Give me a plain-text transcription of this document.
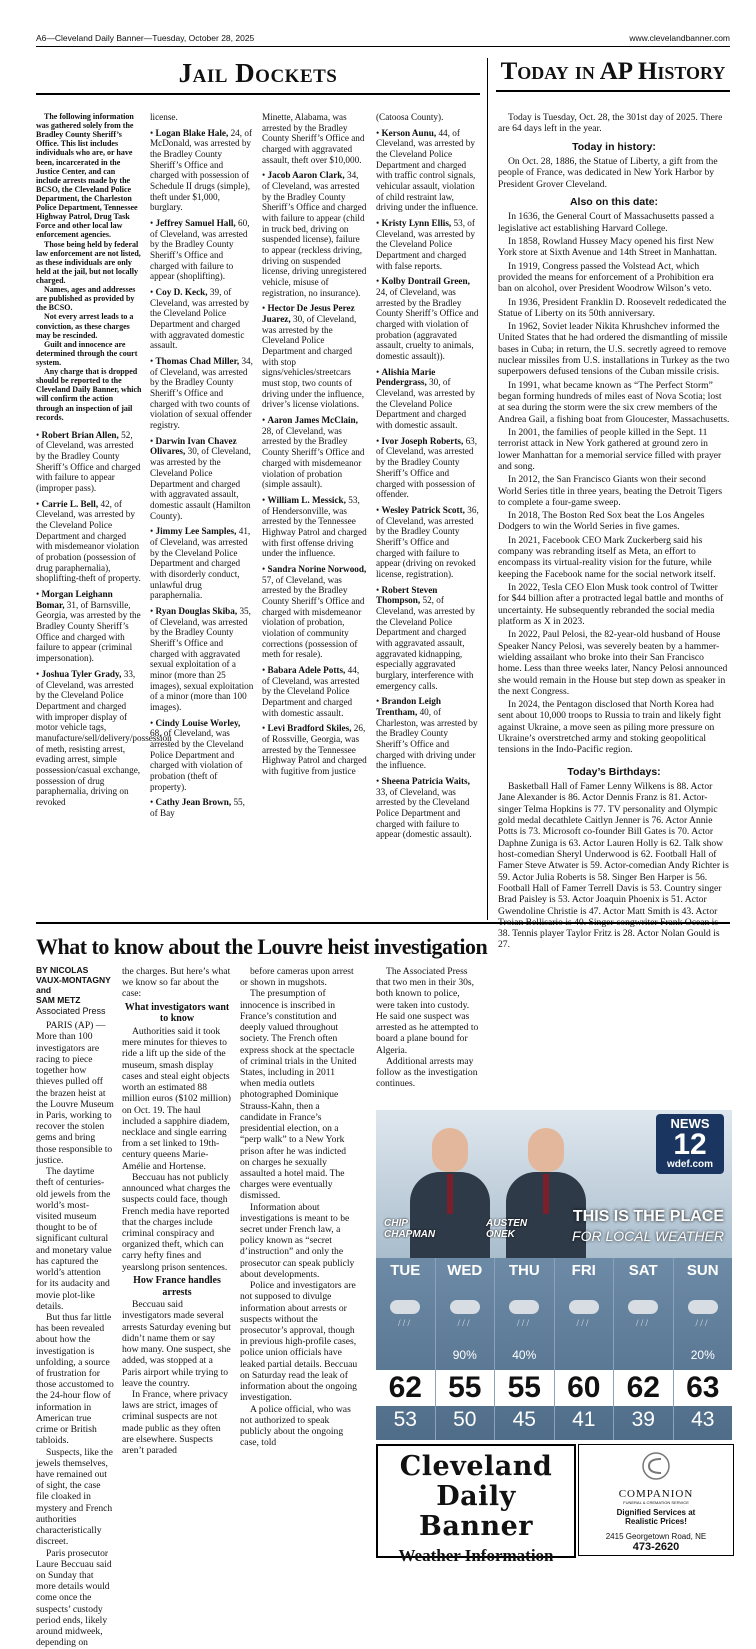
A6—Cleveland Daily Banner—Tuesday, October 28, 2025	www.clevelandbanner.com
Jail Dockets

The following information was gathered solely from the Bradley County Sheriff’s Office. This list includes individuals who are, or have been, incarcerated in the Justice Center, and can include arrests made by the BCSO, the Cleveland Police Department, the Charleston Police Department, Tennessee Highway Patrol, Drug Task Force and other local law enforcement agencies.

Those being held by federal law enforcement are not listed, as these individuals are only held at the jail, but not locally charged.

Names, ages and addresses are published as provided by the BCSO.

Not every arrest leads to a conviction, as these charges may be rescinded.

Guilt and innocence are determined through the court system.

Any charge that is dropped should be reported to the Cleveland Daily Banner, which will confirm the action through an inspection of jail records.

• Robert Brian Allen, 52, of Cleveland, was arrested by the Bradley County Sheriff’s Office and charged with failure to appear (improper pass).
• Carrie L. Bell, 42, of Cleveland, was arrested by the Cleveland Police Department and charged with misdemeanor violation of probation (possession of drug paraphernalia), shoplifting-theft of property.
• Morgan Leighann Bomar, 31, of Barnsville, Georgia, was arrested by the Bradley County Sheriff’s Office and charged with failure to appear (criminal impersonation).
• Joshua Tyler Grady, 33, of Cleveland, was arrested by the Cleveland Police Department and charged with improper display of motor vehicle tags, manufacture/sell/delivery/possession of meth, resisting arrest, evading arrest, simple possession/casual exchange, possession of drug paraphernalia, driving on revoked
license.
• Logan Blake Hale, 24, of McDonald, was arrested by the Bradley County Sheriff’s Office and charged with possession of Schedule II drugs (simple), theft under $1,000, burglary.
• Jeffrey Samuel Hall, 60, of Cleveland, was arrested by the Bradley County Sheriff’s Office and charged with failure to appear (shoplifting).
• Coy D. Keck, 39, of Cleveland, was arrested by the Cleveland Police Department and charged with aggravated domestic assault.
• Thomas Chad Miller, 34, of Cleveland, was arrested by the Bradley County Sheriff’s Office and charged with two counts of violation of sexual offender registry.
• Darwin Ivan Chavez Olivares, 30, of Cleveland, was arrested by the Cleveland Police Department and charged with aggravated assault, domestic assault (Hamilton County).
• Jimmy Lee Samples, 41, of Cleveland, was arrested by the Cleveland Police Department and charged with disorderly conduct, unlawful drug paraphernalia.
• Ryan Douglas Skiba, 35, of Cleveland, was arrested by the Bradley County Sheriff’s Office and charged with aggravated sexual exploitation of a minor (more than 25 images), sexual exploitation of a minor (more than 100 images).
• Cindy Louise Worley, 68, of Cleveland, was arrested by the Cleveland Police Department and charged with violation of probation (theft of property).
• Cathy Jean Brown, 55, of Bay
Minette, Alabama, was arrested by the Bradley County Sheriff’s Office and charged with aggravated assault, theft over $10,000.
• Jacob Aaron Clark, 34, of Cleveland, was arrested by the Bradley County Sheriff’s Office and charged with failure to appear (child in truck bed, driving on suspended license), failure to appear (reckless driving, driving on suspended license, driving unregistered vehicle, misuse of registration, no insurance).
• Hector De Jesus Perez Juarez, 30, of Cleveland, was arrested by the Cleveland Police Department and charged with stop signs/vehicles/streetcars must stop, two counts of driving under the influence, driver’s license violations.
• Aaron James McClain, 28, of Cleveland, was arrested by the Bradley County Sheriff’s Office and charged with misdemeanor violation of probation (simple assault).
• William L. Messick, 53, of Hendersonville, was arrested by the Tennessee Highway Patrol and charged with first offense driving under the influence.
• Sandra Norine Norwood, 57, of Cleveland, was arrested by the Bradley County Sheriff’s Office and charged with misdemeanor violation of probation, violation of community corrections (possession of meth for resale).
• Babara Adele Potts, 44, of Cleveland, was arrested by the Cleveland Police Department and charged with domestic assault.
• Levi Bradford Skiles, 26, of Rossville, Georgia, was arrested by the Tennessee Highway Patrol and charged with fugitive from justice
(Catoosa County).
• Kerson Aunu, 44, of Cleveland, was arrested by the Cleveland Police Department and charged with traffic control signals, vehicular assault, violation of child restraint law, driving under the influence.
• Kristy Lynn Ellis, 53, of Cleveland, was arrested by the Cleveland Police Department and charged with false reports.
• Kolby Dontrail Green, 24, of Cleveland, was arrested by the Bradley County Sheriff’s Office and charged with violation of probation (aggravated assault, cruelty to animals, domestic assault)).
• Alishia Marie Pendergrass, 30, of Cleveland, was arrested by the Cleveland Police Department and charged with domestic assault.
• Ivor Joseph Roberts, 63, of Cleveland, was arrested by the Bradley County Sheriff’s Office and charged with possession of offender.
• Wesley Patrick Scott, 36, of Cleveland, was arrested by the Bradley County Sheriff’s Office and charged with failure to appear (driving on revoked license, registration).
• Robert Steven Thompson, 52, of Cleveland, was arrested by the Cleveland Police Department and charged with aggravated assault, aggravated kidnapping, especially aggravated burglary, interference with emergency calls.
• Brandon Leigh Trentham, 40, of Charleston, was arrested by the Bradley County Sheriff’s Office and charged with driving under the influence.
• Sheena Patricia Waits, 33, of Cleveland, was arrested by the Cleveland Police Department and charged with failure to appear (domestic assault).
Today in AP History

Today is Tuesday, Oct. 28, the 301st day of 2025. There are 64 days left in the year.

Today in history:

On Oct. 28, 1886, the Statue of Liberty, a gift from the people of France, was dedicated in New York Harbor by President Grover Cleveland.

Also on this date:

In 1636, the General Court of Massachusetts passed a legislative act establishing Harvard College.

In 1858, Rowland Hussey Macy opened his first New York store at Sixth Avenue and 14th Street in Manhattan.

In 1919, Congress passed the Volstead Act, which provided the means for enforcement of a Prohibition era ban on alcohol, over President Woodrow Wilson’s veto.

In 1936, President Franklin D. Roosevelt rededicated the Statue of Liberty on its 50th anniversary.

In 1962, Soviet leader Nikita Khrushchev informed the United States that he had ordered the dismantling of missile bases in Cuba; in return, the U.S. secretly agreed to remove nuclear missiles from U.S. installations in Turkey as the two superpowers defused tensions of the Cuban missile crisis.

In 1991, what became known as “The Perfect Storm” began forming hundreds of miles east of Nova Scotia; lost at sea during the storm were the six crew members of the Andrea Gail, a fishing boat from Gloucester, Massachusetts.

In 2001, the families of people killed in the Sept. 11 terrorist attack in New York gathered at ground zero in lower Manhattan for a memorial service filled with prayer and song.

In 2012, the San Francisco Giants won their second World Series title in three years, beating the Detroit Tigers to complete a four-game sweep.

In 2018, The Boston Red Sox beat the Los Angeles Dodgers to win the World Series in five games.

In 2021, Facebook CEO Mark Zuckerberg said his company was rebranding itself as Meta, an effort to encompass its virtual-reality vision for the future, while keeping the Facebook name for the social network itself.

In 2022, Tesla CEO Elon Musk took control of Twitter for $44 billion after a protracted legal battle and months of uncertainty. He subsequently rebranded the social media platform as X in 2023.

In 2022, Paul Pelosi, the 82-year-old husband of House Speaker Nancy Pelosi, was severely beaten by a hammer-wielding assailant who broke into their San Francisco home. Less than three weeks later, Nancy Pelosi announced she would remain in the House but step down as speaker in the next Congress.

In 2024, the Pentagon disclosed that North Korea had sent about 10,000 troops to Russia to train and likely fight against Ukraine, a move seen as piling more pressure on Ukraine’s overstretched army and stoking geopolitical tensions in the Indo-Pacific region.

Today’s Birthdays:

Basketball Hall of Famer Lenny Wilkens is 88. Actor Jane Alexander is 86. Actor Dennis Franz is 81. Actor-singer Telma Hopkins is 77. TV personality and Olympic gold medal decathlete Caitlyn Jenner is 76. Actor Annie Potts is 73. Microsoft co-founder Bill Gates is 70. Actor Daphne Zuniga is 63. Actor Lauren Holly is 62. Talk show host-comedian Sheryl Underwood is 62. Football Hall of Famer Steve Atwater is 59. Actor-comedian Andy Richter is 59. Actor Julia Roberts is 58. Singer Ben Harper is 56. Football Hall of Famer Terrell Davis is 53. Country singer Brad Paisley is 53. Actor Joaquin Phoenix is 51. Actor Gwendoline Christie is 47. Actor Matt Smith is 43. Actor 38. Tennis player Taylor Fritz is 28. Actor Nolan Gould is 27.

What to know about the Louvre heist investigation
BY NICOLAS VAUX-MONTAGNY and
SAM METZ
Associated Press

PARIS (AP) — More than 100 investigators are racing to piece together how thieves pulled off the brazen heist at the Louvre Museum in Paris, working to recover the stolen gems and bring those responsible to justice.

The daytime theft of centuries-old jewels from the world’s most-visited museum thought to be of significant cultural and monetary value has captured the world’s attention for its audacity and movie plot-like details.

But thus far little has been revealed about how the investigation is unfolding, a source of frustration for those accustomed to the 24-hour flow of information in American true crime or British tabloids.

Suspects, like the jewels themselves, have remained out of sight, the case file cloaked in mystery and French authorities characteristically discreet.

Paris prosecutor Laure Beccuau said on Sunday that more details would come once the suspects’ custody period ends, likely around midweek, depending on

the charges. But here’s what we know so far about the case:

What investigators want to know

Authorities said it took mere minutes for thieves to ride a lift up the side of the museum, smash display cases and steal eight objects worth an estimated 88 million euros ($102 million) on Oct. 19. The haul included a sapphire diadem, necklace and single earring from a set linked to 19th-century queens Marie-Amélie and Hortense.

Beccuau has not publicly announced what charges the suspects could face, though French media have reported that the charges include criminal conspiracy and organized theft, which can carry hefty fines and yearslong prison sentences.

How France handles arrests

Beccuau said investigators made several arrests Saturday evening but didn’t name them or say how many. One suspect, she added, was stopped at a Paris airport while trying to leave the country.

In France, where privacy laws are strict, images of criminal suspects are not made public as they often are elsewhere. Suspects aren’t paraded

before cameras upon arrest or shown in mugshots.

The presumption of innocence is inscribed in France’s constitution and deeply valued throughout society. The French often express shock at the spectacle of criminal trials in the United States, including in 2011 when media outlets photographed Dominique Strauss-Kahn, then a candidate in France’s presidential election, on a “perp walk” to a New York prison after he was indicted on charges he sexually assaulted a hotel maid. The charges were eventually dismissed.

Information about investigations is meant to be secret under French law, a policy known as “secret d’instruction” and only the prosecutor can speak publicly about developments.

Police and investigators are not supposed to divulge information about arrests or suspects without the prosecutor’s approval, though in previous high-profile cases, police union officials have leaked partial details. Beccuau on Saturday read the leak of information about the ongoing investigation.

A police official, who was not authorized to speak publicly about the ongoing case, told

The Associated Press that two men in their 30s, both known to police, were taken into custody. He said one suspect was arrested as he attempted to board a plane bound for Algeria.

Additional arrests may follow as the investigation continues.

CHIP
CHAPMAN
AUSTEN
ONEK
NEWS
12
wdef.com
THIS IS THE PLACE
FOR LOCAL WEATHER
TUE
/ / /
62
53
WED
/ / /
90%
55
50
THU
/ / /
40%
55
45
FRI
/ / /
60
41
SAT
/ / /
62
39
SUN
/ / /
20%
63
43
Cleveland
Daily Banner
Weather Information
COMPANION
FUNERAL & CREMATION SERVICE
Dignified Services at
Realistic Prices!
2415 Georgetown Road, NE
473-2620
